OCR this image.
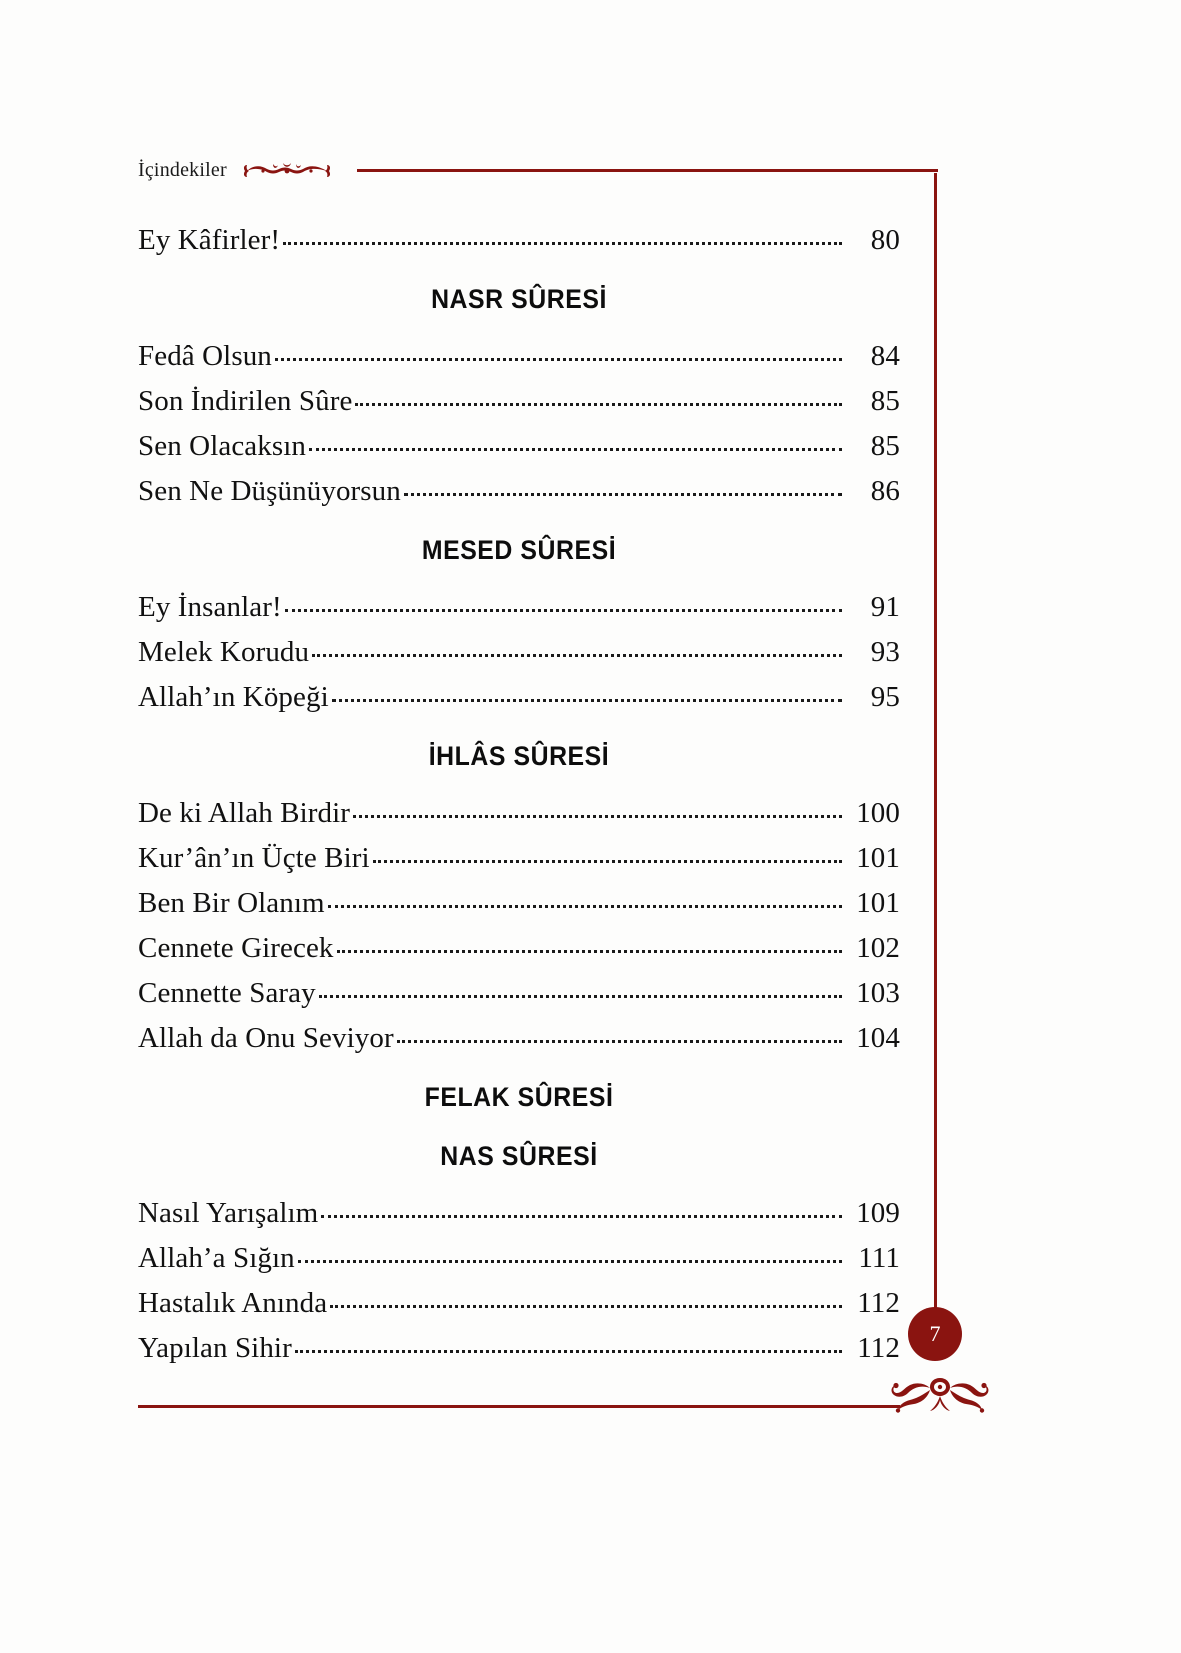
İçindekiler
7
Ey Kâfirler!	80
NASR SÛRESİ
Fedâ Olsun	84
Son İndirilen Sûre	85
Sen Olacaksın	85
Sen Ne Düşünüyorsun	86
MESED SÛRESİ
Ey İnsanlar!	91
Melek Korudu	93
Allah’ın Köpeği	95
İHLÂS SÛRESİ
De ki Allah Birdir	100
Kur’ân’ın Üçte Biri	101
Ben Bir Olanım	101
Cennete Girecek	102
Cennette Saray	103
Allah da Onu Seviyor	104
FELAK SÛRESİ
NAS SÛRESİ
Nasıl Yarışalım	109
Allah’a Sığın	111
Hastalık Anında	112
Yapılan Sihir	112
